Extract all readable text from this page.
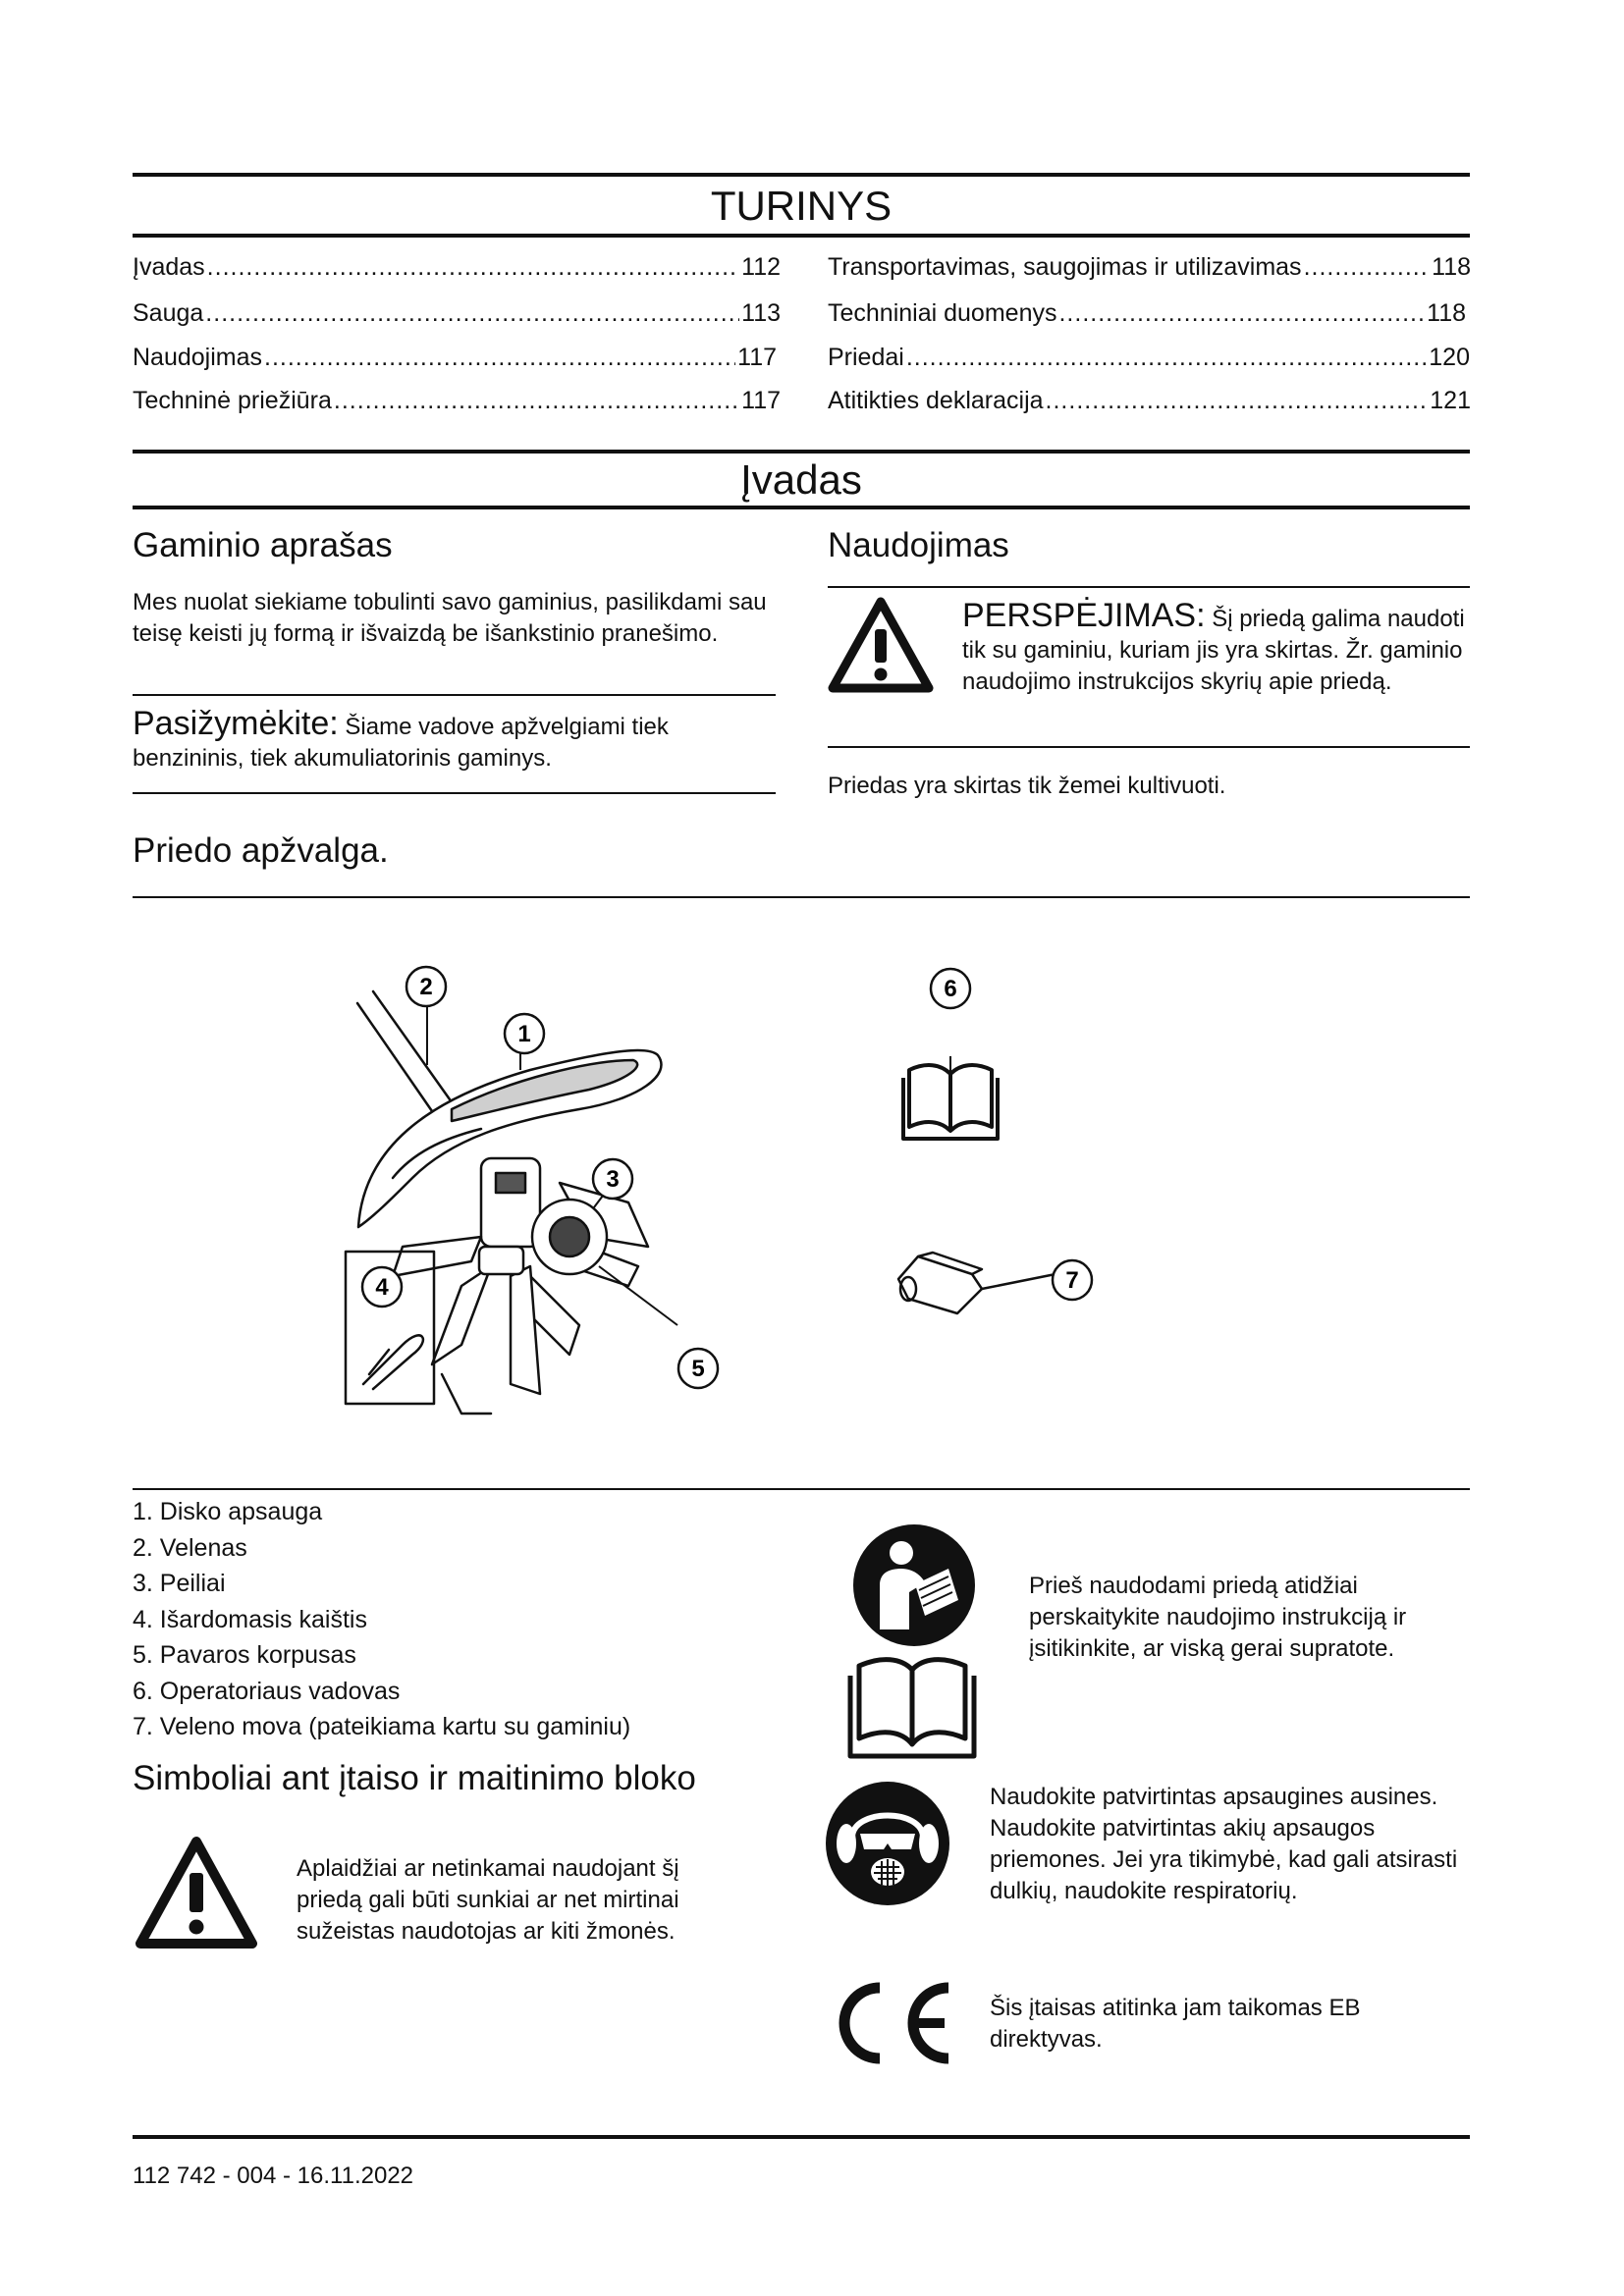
TURINYS
Įvadas .....	112
Sauga .....	113
Naudojimas .....	117
Techninė priežiūra .....	117
Transportavimas, saugojimas ir utilizavimas .....	118
Techniniai duomenys .....	118
Priedai .....	120
Atitikties deklaracija .....	121
Įvadas
Gaminio aprašas
Mes nuolat siekiame tobulinti savo gaminius, pasilikdami sau teisę keisti jų formą ir išvaizdą be išankstinio pranešimo.
Pasižymėkite: Šiame vadove apžvelgiami tiek benzininis, tiek akumuliatorinis gaminys.
Naudojimas
PERSPĖJIMAS: Šį priedą galima naudoti tik su gaminiu, kuriam jis yra skirtas. Žr. gaminio naudojimo instrukcijos skyrių apie priedą.
Priedas yra skirtas tik žemei kultivuoti.
Priedo apžvalga.
1
2
3
4
5
6
7
1. Disko apsauga
2. Velenas
3. Peiliai
4. Išardomasis kaištis
5. Pavaros korpusas
6. Operatoriaus vadovas
7. Veleno mova (pateikiama kartu su gaminiu)
Simboliai ant įtaiso ir maitinimo bloko
Aplaidžiai ar netinkamai naudojant šį priedą gali būti sunkiai ar net mirtinai sužeistas naudotojas ar kiti žmonės.
Prieš naudodami priedą atidžiai perskaitykite naudojimo instrukciją ir įsitikinkite, ar viską gerai supratote.
Naudokite patvirtintas apsaugines ausines. Naudokite patvirtintas akių apsaugos priemones. Jei yra tikimybė, kad gali atsirasti dulkių, naudokite respiratorių.
Šis įtaisas atitinka jam taikomas EB direktyvas.
112 742 - 004 - 16.11.2022
